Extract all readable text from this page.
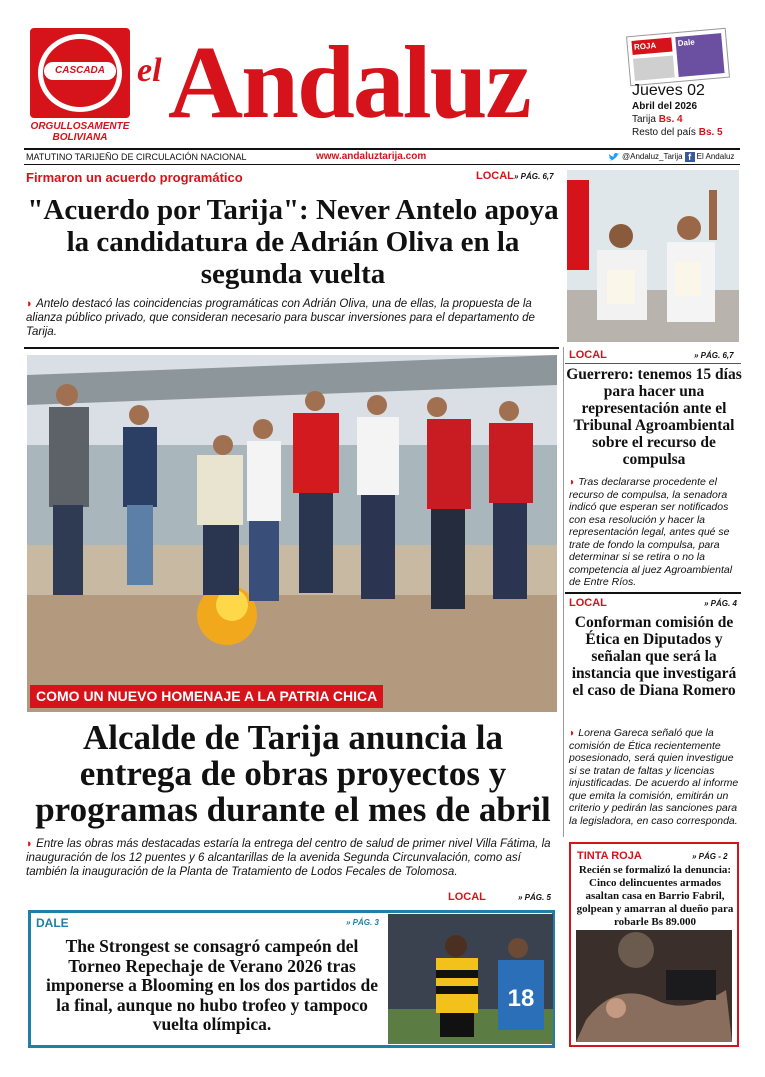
CASCADA
ORGULLOSAMENTE BOLIVIANA
el Andaluz	ROJA	Dale
Jueves 02
Abril del 2026
Tarija Bs. 4
Resto del país Bs. 5
MATUTINO TARIJEÑO DE CIRCULACIÓN NACIONAL	www.andaluztarija.com	@Andaluz_Tarija f El Andaluz
Firmaron un acuerdo programático	LOCAL » PÁG. 6,7
"Acuerdo por Tarija": Never Antelo apoya la candidatura de Adrián Oliva en la segunda vuelta
◗ Antelo destacó las coincidencias programáticas con Adrián Oliva, una de ellas, la propuesta de la alianza público privado, que consideran necesario para buscar inversiones para el departamento de Tarija.
COMO UN NUEVO HOMENAJE A LA PATRIA CHICA
Alcalde de Tarija anuncia la entrega de obras proyectos y programas durante el mes de abril
◗ Entre las obras más destacadas estaría la entrega del centro de salud de primer nivel Villa Fátima, la inauguración de los 12 puentes y 6 alcantarillas de la avenida Segunda Circunvalación, como así también la inauguración de la Planta de Tratamiento de Lodos Fecales de Tolomosa.
LOCAL	» PÁG. 5
LOCAL	» PÁG. 6,7
Guerrero: tenemos 15 días para hacer una representación ante el Tribunal Agroambiental sobre el recurso de compulsa
◗ Tras declararse procedente el recurso de compulsa, la senadora indicó que esperan ser notificados con esa resolución y hacer la representación legal, antes qué se trate de fondo la compulsa, para determinar si se retira o no la competencia al juez Agroambiental de Entre Ríos.
LOCAL	» PÁG. 4
Conforman comisión de Ética en Diputados y señalan que será la instancia que investigará el caso de Diana Romero
◗ Lorena Gareca señaló que la comisión de Ética recientemente posesionado, será quien investigue si se tratan de faltas y licencias injustificadas. De acuerdo al informe que emita la comisión, emitirán un criterio y pedirán las sanciones para la legisladora, en caso corresponda.
TINTA ROJA	» PÁG - 2
Recién se formalizó la denuncia: Cinco delincuentes armados asaltan casa en Barrio Fabril, golpean y amarran al dueño para robarle Bs 89.000
DALE	» PÁG. 3
The Strongest se consagró campeón del Torneo Repechaje de Verano 2026 tras imponerse a Blooming en los dos partidos de la final, aunque no hubo trofeo y tampoco vuelta olímpica.
18
